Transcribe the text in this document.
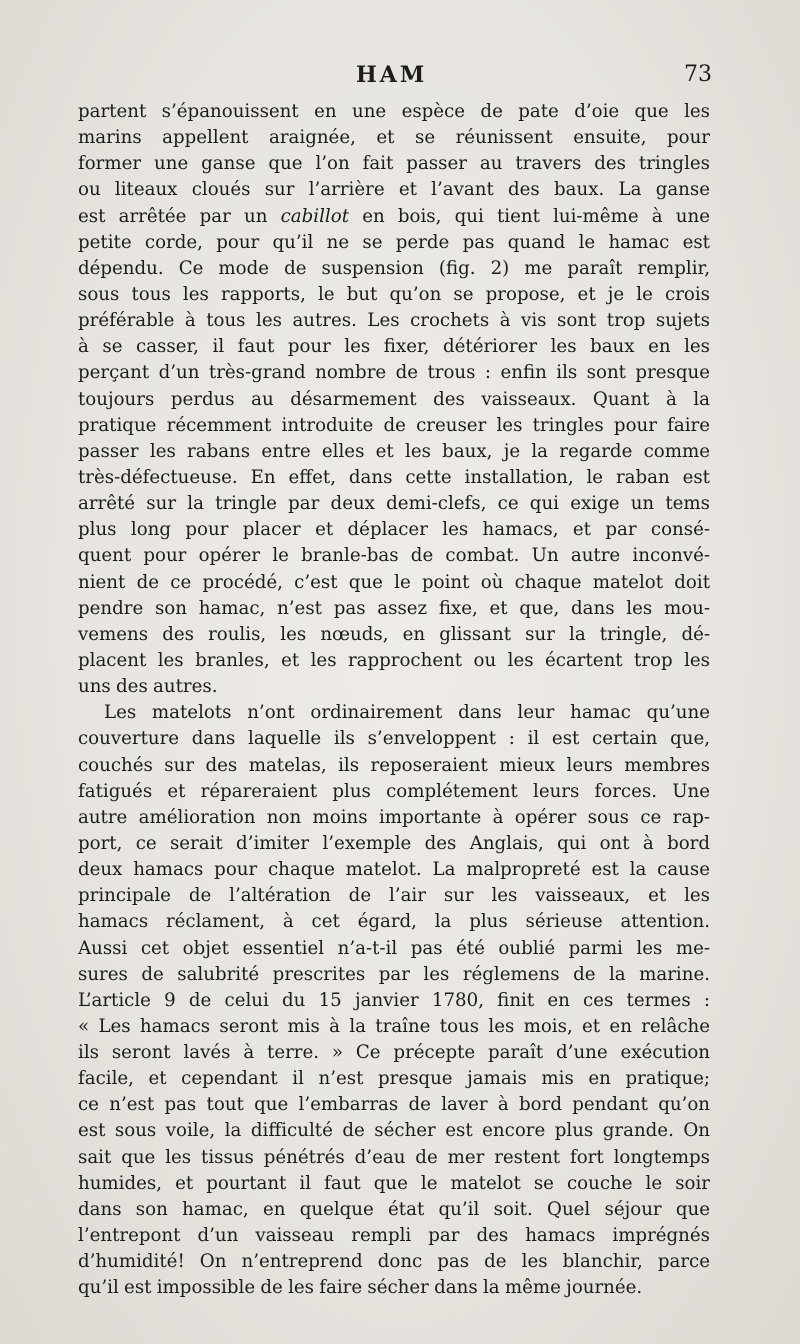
HAM	73
partent s’épanouissent en une espèce de pate d’oie que les
marins appellent araignée, et se réunissent ensuite, pour
former une ganse que l’on fait passer au travers des tringles
ou liteaux cloués sur l’arrière et l’avant des baux. La ganse
est arrêtée par un cabillot en bois, qui tient lui-même à une
petite corde, pour qu’il ne se perde pas quand le hamac est
dépendu. Ce mode de suspension (fig. 2) me paraît remplir,
sous tous les rapports, le but qu’on se propose, et je le crois
préférable à tous les autres. Les crochets à vis sont trop sujets
à se casser, il faut pour les fixer, détériorer les baux en les
perçant d’un très-grand nombre de trous : enfin ils sont presque
toujours perdus au désarmement des vaisseaux. Quant à la
pratique récemment introduite de creuser les tringles pour faire
passer les rabans entre elles et les baux, je la regarde comme
très-défectueuse. En effet, dans cette installation, le raban est
arrêté sur la tringle par deux demi-clefs, ce qui exige un tems
plus long pour placer et déplacer les hamacs, et par consé-
quent pour opérer le branle-bas de combat. Un autre inconvé-
nient de ce procédé, c’est que le point où chaque matelot doit
pendre son hamac, n’est pas assez fixe, et que, dans les mou-
vemens des roulis, les nœuds, en glissant sur la tringle, dé-
placent les branles, et les rapprochent ou les écartent trop les
uns des autres.
Les matelots n’ont ordinairement dans leur hamac qu’une
couverture dans laquelle ils s’enveloppent : il est certain que,
couchés sur des matelas, ils reposeraient mieux leurs membres
fatigués et répareraient plus complétement leurs forces. Une
autre amélioration non moins importante à opérer sous ce rap-
port, ce serait d’imiter l’exemple des Anglais, qui ont à bord
deux hamacs pour chaque matelot. La malpropreté est la cause
principale de l’altération de l’air sur les vaisseaux, et les
hamacs réclament, à cet égard, la plus sérieuse attention.
Aussi cet objet essentiel n’a-t-il pas été oublié parmi les me-
sures de salubrité prescrites par les réglemens de la marine.
L’article 9 de celui du 15 janvier 1780, finit en ces termes :
« Les hamacs seront mis à la traîne tous les mois, et en relâche
ils seront lavés à terre. » Ce précepte paraît d’une exécution
facile, et cependant il n’est presque jamais mis en pratique;
ce n’est pas tout que l’embarras de laver à bord pendant qu’on
est sous voile, la difficulté de sécher est encore plus grande. On
sait que les tissus pénétrés d’eau de mer restent fort longtemps
humides, et pourtant il faut que le matelot se couche le soir
dans son hamac, en quelque état qu’il soit. Quel séjour que
l’entrepont d’un vaisseau rempli par des hamacs imprégnés
d’humidité! On n’entreprend donc pas de les blanchir, parce
qu’il est impossible de les faire sécher dans la même journée.
